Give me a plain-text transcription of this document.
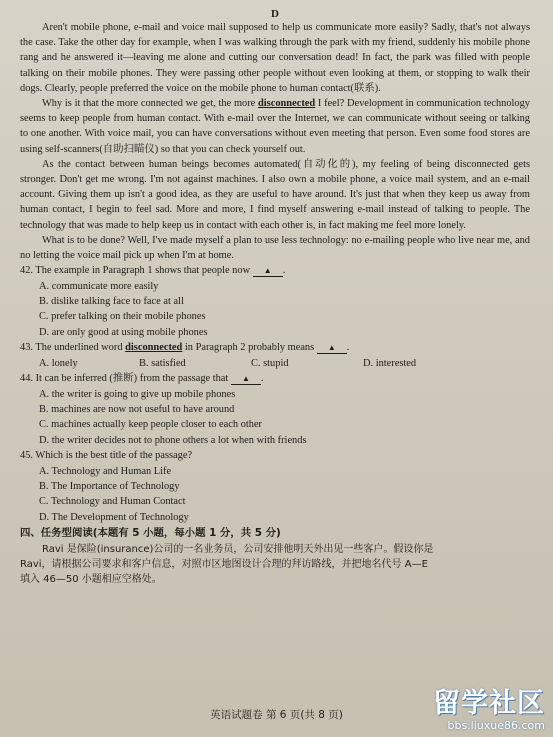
D

Aren't mobile phone, e-mail and voice mail supposed to help us communicate more easily? Sadly, that's not always the case. Take the other day for example, when I was walking through the park with my friend, suddenly his mobile phone rang and he answered it—leaving me alone and cutting our conversation dead! In fact, the park was filled with people talking on their mobile phones. They were passing other people without even looking at them, or stopping to walk their dogs. Clearly, people preferred the voice on the mobile phone to human contact(联系).

Why is it that the more connected we get, the more disconnected I feel? Development in communication technology seems to keep people from human contact. With e-mail over the Internet, we can communicate without seeing or talking to one another. With voice mail, you can have conversations without even meeting that person. Even some food stores are using self-scanners(自助扫瞄仪) so that you can check yourself out.

As the contact between human beings becomes automated(自动化的), my feeling of being disconnected gets stronger. Don't get me wrong. I'm not against machines. I also own a mobile phone, a voice mail system, and an e-mail account. Giving them up isn't a good idea, as they are useful to have around. It's just that when they keep us away from human contact, I begin to feel sad. More and more, I find myself answering e-mail instead of talking to people. The technology that was made to help keep us in contact with each other is, in fact making me feel more lonely.

What is to be done? Well, I've made myself a plan to use less technology: no e-mailing people who live near me, and no letting the voice mail pick up when I'm at home.

42. The example in Paragraph 1 shows that people now ▲ .

A. communicate more easily
B. dislike talking face to face at all
C. prefer talking on their mobile phones
D. are only good at using mobile phones

43. The underlined word disconnected in Paragraph 2 probably means ▲ .

A. lonely	B. satisfied	C. stupid	D. interested

44. It can be inferred (推断) from the passage that ▲ .

A. the writer is going to give up mobile phones
B. machines are now not useful to have around
C. machines actually keep people closer to each other
D. the writer decides not to phone others a lot when with friends

45. Which is the best title of the passage?

A. Technology and Human Life
B. The Importance of Technology
C. Technology and Human Contact
D. The Development of Technology
四、任务型阅读(本题有 5 小题，每小题 1 分，共 5 分)

Ravi 是保险(insurance)公司的一名业务员，公司安排他明天外出见一些客户。假设你是

Ravi，请根据公司要求和客户信息，对照市区地图设计合理的拜访路线，并把地名代号 A—E

填入 46—50 小题相应空格处。

英语试题卷 第 6 页(共 8 页)	留学社区
bbs.liuxue86.com
